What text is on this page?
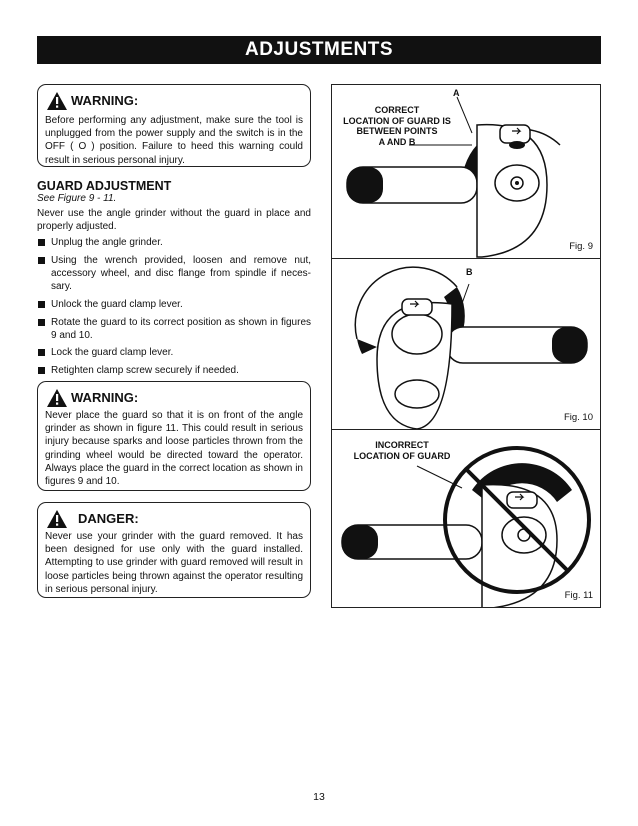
ADJUSTMENTS
WARNING:
Before performing any adjustment, make sure the tool is unplugged from the power supply and the switch is in the OFF ( O ) position. Failure to heed this warning could result in serious personal injury.
GUARD ADJUSTMENT
See Figure 9 - 11.
Never use the angle grinder without the guard in place and properly adjusted.
Unplug the angle grinder.
Using the wrench provided, loosen and remove nut, accessory wheel, and disc flange from spindle if neces-sary.
Unlock the guard clamp lever.
Rotate the guard to its correct position as shown in figures 9 and 10.
Lock the guard clamp lever.
Retighten clamp screw securely if needed.
WARNING:
Never place the guard so that it is on front of the angle grinder as shown in figure 11. This could result in serious injury because sparks and loose particles thrown from the grinding wheel would be directed toward the operator. Always place the guard in the correct location as shown in figures 9 and 10.
DANGER:
Never use your grinder with the guard removed. It has been designed for use only with the guard installed. Attempting to use grinder with guard removed will result in loose particles being thrown against the operator resulting in serious personal injury.
CORRECT
LOCATION OF GUARD IS
BETWEEN POINTS
A AND B
A
Fig. 9
B
Fig. 10
INCORRECT
LOCATION OF GUARD
Fig. 11
13
